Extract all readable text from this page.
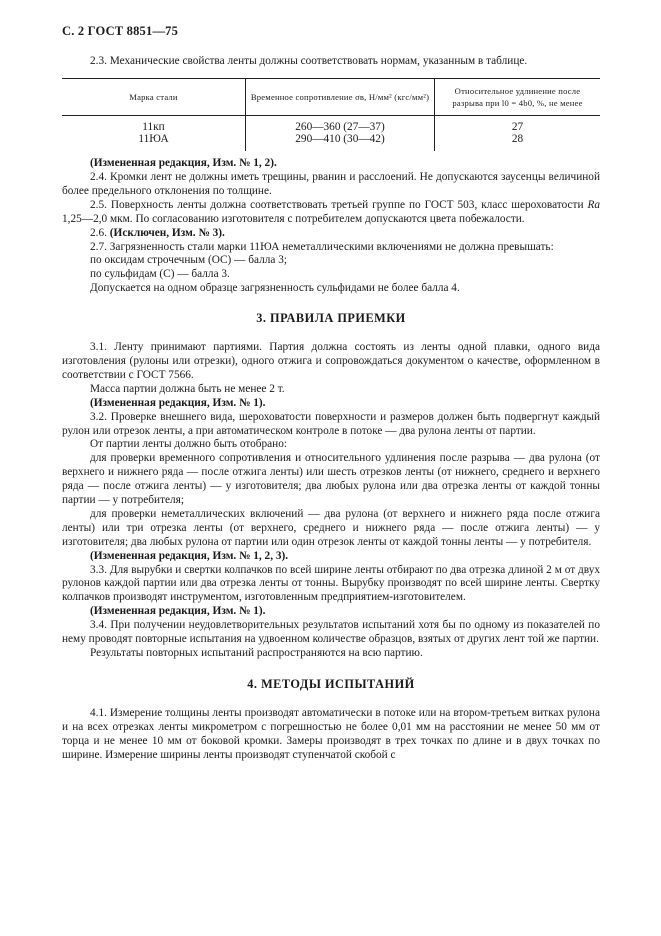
С. 2 ГОСТ 8851—75

2.3. Механические свойства ленты должны соответствовать нормам, указанным в таблице.

Марка стали	Временное сопротивление σв, Н/мм² (кгс/мм²)	Относительное удлинение после разрыва при l0 = 4b0, %, не менее
11кп	260—360 (27—37)	27
11ЮА	290—410 (30—42)	28

(Измененная редакция, Изм. № 1, 2).

2.4. Кромки лент не должны иметь трещины, рванин и расслоений. Не допускаются заусенцы величиной более предельного отклонения по толщине.

2.5. Поверхность ленты должна соответствовать третьей группе по ГОСТ 503, класс шероховатости Ra 1,25—2,0 мкм. По согласованию изготовителя с потребителем допускаются цвета побежалости.

2.6. (Исключен, Изм. № 3).

2.7. Загрязненность стали марки 11ЮА неметаллическими включениями не должна превышать:

по оксидам строчечным (ОС) — балла 3;

по сульфидам (С) — балла 3.

Допускается на одном образце загрязненность сульфидами не более балла 4.

3. ПРАВИЛА ПРИЕМКИ

3.1. Ленту принимают партиями. Партия должна состоять из ленты одной плавки, одного вида изготовления (рулоны или отрезки), одного отжига и сопровождаться документом о качестве, оформленном в соответствии с ГОСТ 7566.

Масса партии должна быть не менее 2 т.

(Измененная редакция, Изм. № 1).

3.2. Проверке внешнего вида, шероховатости поверхности и размеров должен быть подвергнут каждый рулон или отрезок ленты, а при автоматическом контроле в потоке — два рулона ленты от партии.

От партии ленты должно быть отобрано:

для проверки временного сопротивления и относительного удлинения после разрыва — два рулона (от верхнего и нижнего ряда — после отжига ленты) или шесть отрезков ленты (от нижнего, среднего и верхнего ряда — после отжига ленты) — у изготовителя; два любых рулона или два отрезка ленты от каждой тонны партии — у потребителя;

для проверки неметаллических включений — два рулона (от верхнего и нижнего ряда после отжига ленты) или три отрезка ленты (от верхнего, среднего и нижнего ряда — после отжига ленты) — у изготовителя; два любых рулона от партии или один отрезок ленты от каждой тонны ленты — у потребителя.

(Измененная редакция, Изм. № 1, 2, 3).

3.3. Для вырубки и свертки колпачков по всей ширине ленты отбирают по два отрезка длиной 2 м от двух рулонов каждой партии или два отрезка ленты от тонны. Вырубку производят по всей ширине ленты. Свертку колпачков производят инструментом, изготовленным предприятием-изготовителем.

(Измененная редакция, Изм. № 1).

3.4. При получении неудовлетворительных результатов испытаний хотя бы по одному из показателей по нему проводят повторные испытания на удвоенном количестве образцов, взятых от других лент той же партии.

Результаты повторных испытаний распространяются на всю партию.

4. МЕТОДЫ ИСПЫТАНИЙ

4.1. Измерение толщины ленты производят автоматически в потоке или на втором-третьем витках рулона и на всех отрезках ленты микрометром с погрешностью не более 0,01 мм на расстоянии не менее 50 мм от торца и не менее 10 мм от боковой кромки. Замеры производят в трех точках по длине и в двух точках по ширине. Измерение ширины ленты производят ступенчатой скобой с
